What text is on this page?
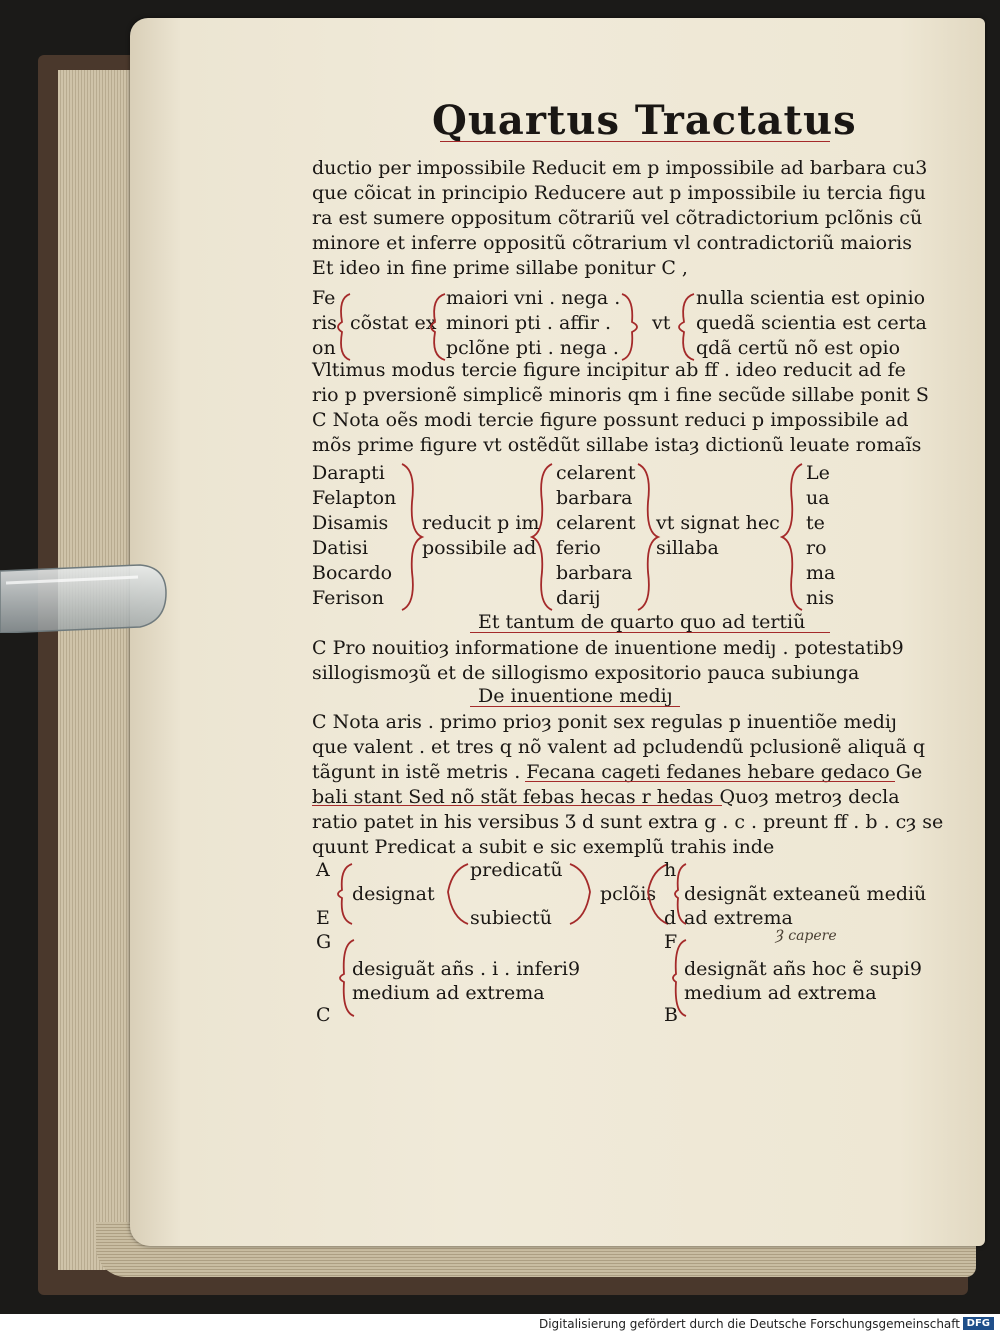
Quartus Tractatus
ductio per impossibile Reducit em p impossibile ad barbara cu3
que cõicat in principio Reducere aut p impossibile iu tercia figu
ra est sumere oppositum cõtrariũ vel cõtradictorium pclõnis cũ
minore et inferre oppositũ cõtrarium vl contradictoriũ maioris
Et ideo in fine prime sillabe ponitur C ,
Fe
ris
on
cõstat ex
maiori vni . nega .
minori pti . affir .
pclõne pti . nega .
vt
nulla scientia est opinio
quedã scientia est certa
qdã certũ nõ est opio
Vltimus modus tercie figure incipitur ab ff . ideo reducit ad fe
rio p pversionẽ simplicẽ minoris qm i fine secũde sillabe ponit S
C Nota oẽs modi tercie figure possunt reduci p impossibile ad
mõs prime figure vt ostẽdũt sillabe istaȝ dictionũ leuate romaĩs
Darapti
Felapton
Disamis
Datisi
Bocardo
Ferison
reducit p im
possibile ad
celarent
barbara
celarent
ferio
barbara
darij
vt signat hec
sillaba
Le
ua
te
ro
ma
nis
Et tantum de quarto quo ad tertiũ
C Pro nouitioȝ informatione de inuentione mediȷ . potestatib9
sillogismoȝũ et de sillogismo expositorio pauca subiunga
De inuentione mediȷ
C Nota aris . primo prioȝ ponit sex regulas p inuentiõe mediȷ
que valent . et tres q nõ valent ad pcludendũ pclusionẽ aliquã q
tãgunt in istẽ metris . Fecana cageti fedanes hebare gedaco Ge
bali stant Sed nõ stãt febas hecas r hedas Quoȝ metroȝ decla
ratio patet in his versibus Ʒ d sunt extra g . c . preunt ff . b . cȝ se
quunt Predicat a subit e sic exemplũ trahis inde
A
E
designat
predicatũ
subiectũ
pclõis
h
d
designãt exteaneũ mediũ
ad extrema
G
C
desiguãt añs . i . inferi9
medium ad extrema
F
B
designãt añs hoc ẽ supi9
medium ad extrema
Ȝ capere
Digitalisierung gefördert durch die Deutsche Forschungsgemeinschaft DFG
